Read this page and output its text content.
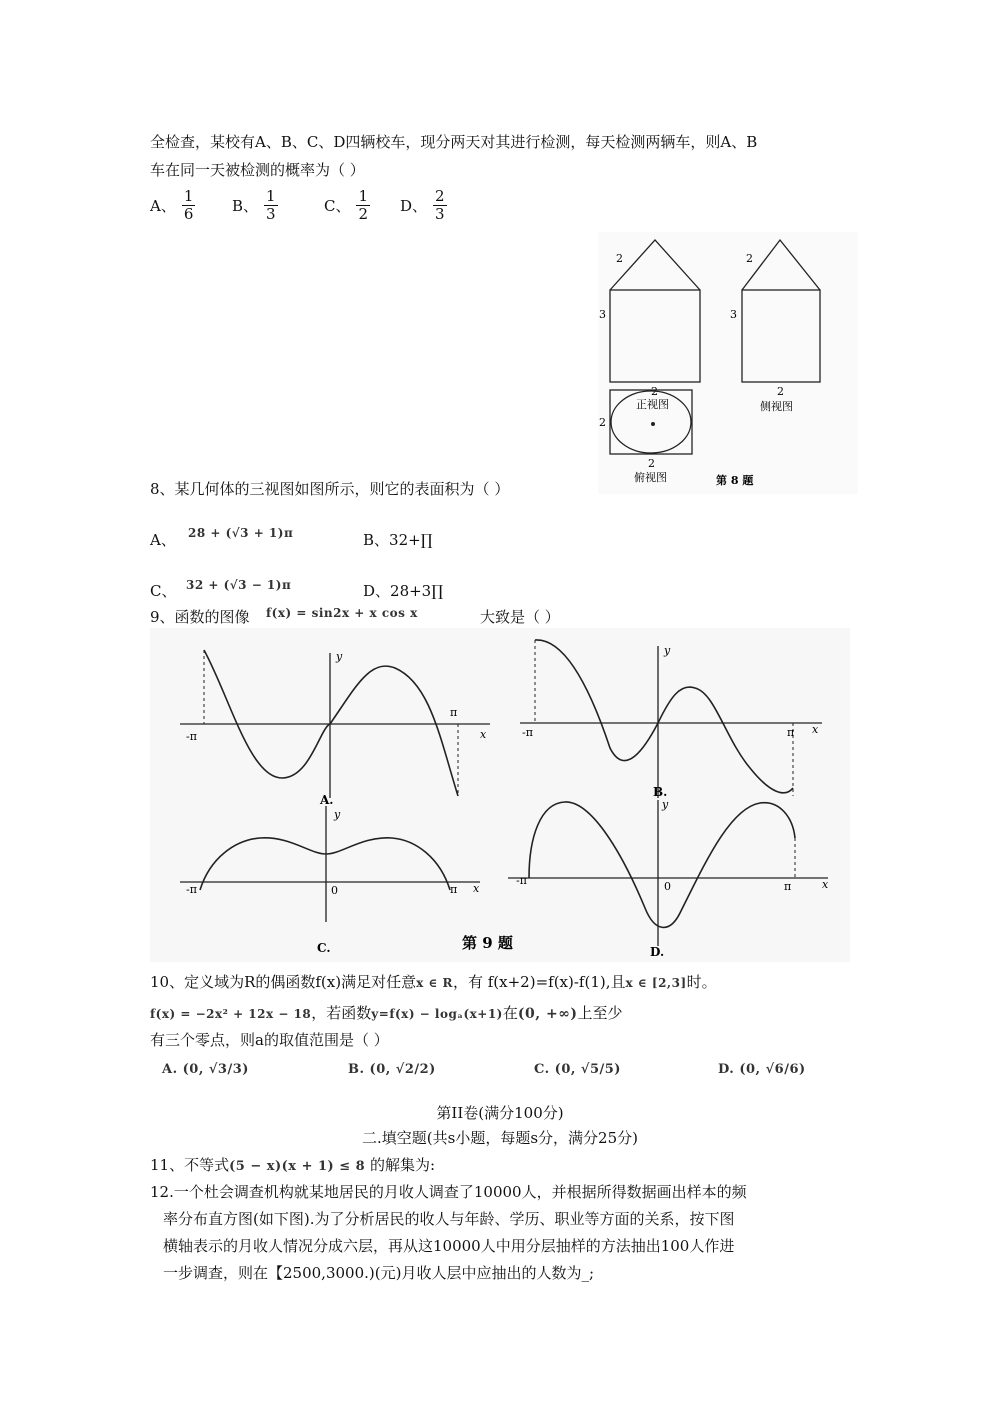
全检查，某校有A、B、C、D四辆校车，现分两天对其进行检测，每天检测两辆车，则A、B
车在同一天被检测的概率为（ ）
A、 $\frac{1}{6}$ B、 $\frac{1}{3}$	C、 $\frac{1}{2}$ D、 $\frac{2}{3}$
2
3
2
正视图
2
3
2
侧视图
2
2
俯视图	第 8 题
8、某几何体的三视图如图所示，则它的表面积为（ ）
A、 28 + (√3 + 1)π	B、32+∏
C、 32 + (√3 − 1)π	D、28+3∏
9、函数的图像 f(x) = sin2x + x cos x	大致是（ ）
-π
π
x
y
A.
-π	π x
y
B.
-π	π x
y
0
C.
-π	π	x
y
0
D.
第 9 题
10、定义域为R的偶函数f(x)满足对任意x ∈ R，有 f(x+2)=f(x)-f(1),且x ∈ [2,3]时。
f(x) = −2x² + 12x − 18，若函数y=f(x) − logₐ(x+1)在(0, +∞)上至少
有三个零点，则a的取值范围是（ ）
A. (0, √3/3)	B. (0, √2/2)	C. (0, √5/5)	D. (0, √6/6)
第II卷(满分100分)
二.填空题(共s小题，每题s分，满分25分)
11、不等式(5 − x)(x + 1) ≤ 8 的解集为:
12.一个杜会调查机构就某地居民的月收人调查了10000人，并根据所得数据画出样本的频
率分布直方图(如下图).为了分析居民的收人与年龄、学历、职业等方面的关系，按下图
横轴表示的月收人情况分成六层，再从这10000人中用分层抽样的方法抽出100人作进
一步调查，则在【2500,3000.)(元)月收人层中应抽出的人数为_;
